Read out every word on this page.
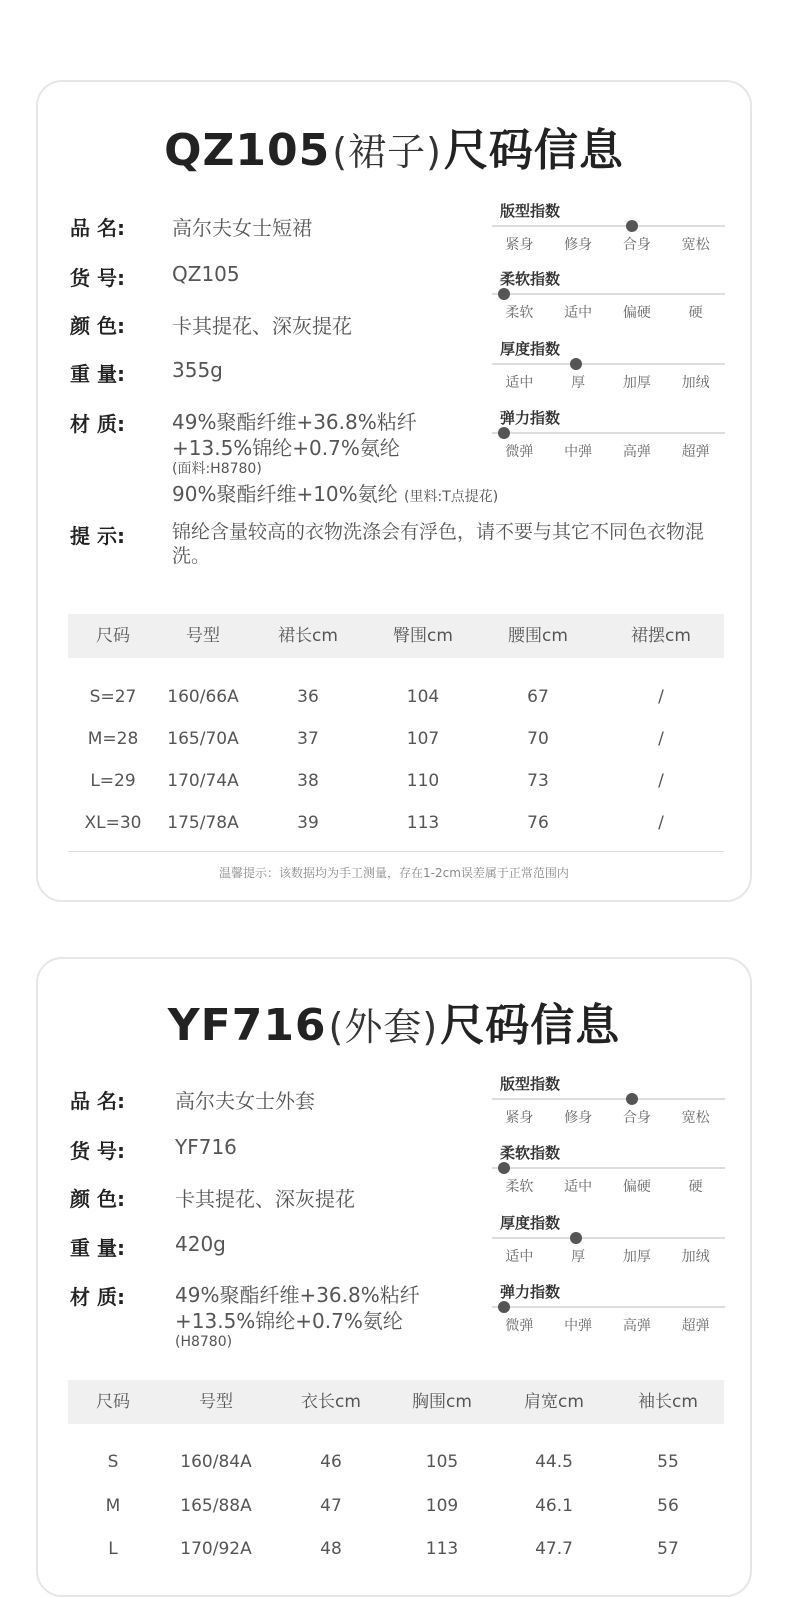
QZ105(裙子)尺码信息
品 名:	高尔夫女士短裙
货 号:	QZ105
颜 色:	卡其提花、深灰提花
重 量:	355g
材 质:	49%聚酯纤维+36.8%粘纤
+13.5%锦纶+0.7%氨纶
(面料:H8780)
90%聚酯纤维+10%氨纶 (里料:T点提花)
提 示:	锦纶含量较高的衣物洗涤会有浮色，请不要与其它不同色衣物混洗。
版型指数
紧身	修身	合身	宽松
柔软指数
柔软	适中	偏硬	硬
厚度指数
适中	厚	加厚	加绒
弹力指数
微弹	中弹	高弹	超弹
尺码	号型	裙长cm	臀围cm	腰围cm	裙摆cm
S=27	160/66A	36	104	67	/
M=28	165/70A	37	107	70	/
L=29	170/74A	38	110	73	/
XL=30	175/78A	39	113	76	/
温馨提示：该数据均为手工测量，存在1-2cm误差属于正常范围内
YF716(外套)尺码信息
品 名:	高尔夫女士外套
货 号:	YF716
颜 色:	卡其提花、深灰提花
重 量:	420g
材 质:	49%聚酯纤维+36.8%粘纤
+13.5%锦纶+0.7%氨纶
(H8780)
版型指数
紧身	修身	合身	宽松
柔软指数
柔软	适中	偏硬	硬
厚度指数
适中	厚	加厚	加绒
弹力指数
微弹	中弹	高弹	超弹
尺码	号型	衣长cm	胸围cm	肩宽cm	袖长cm
S	160/84A	46	105	44.5	55
M	165/88A	47	109	46.1	56
L	170/92A	48	113	47.7	57
